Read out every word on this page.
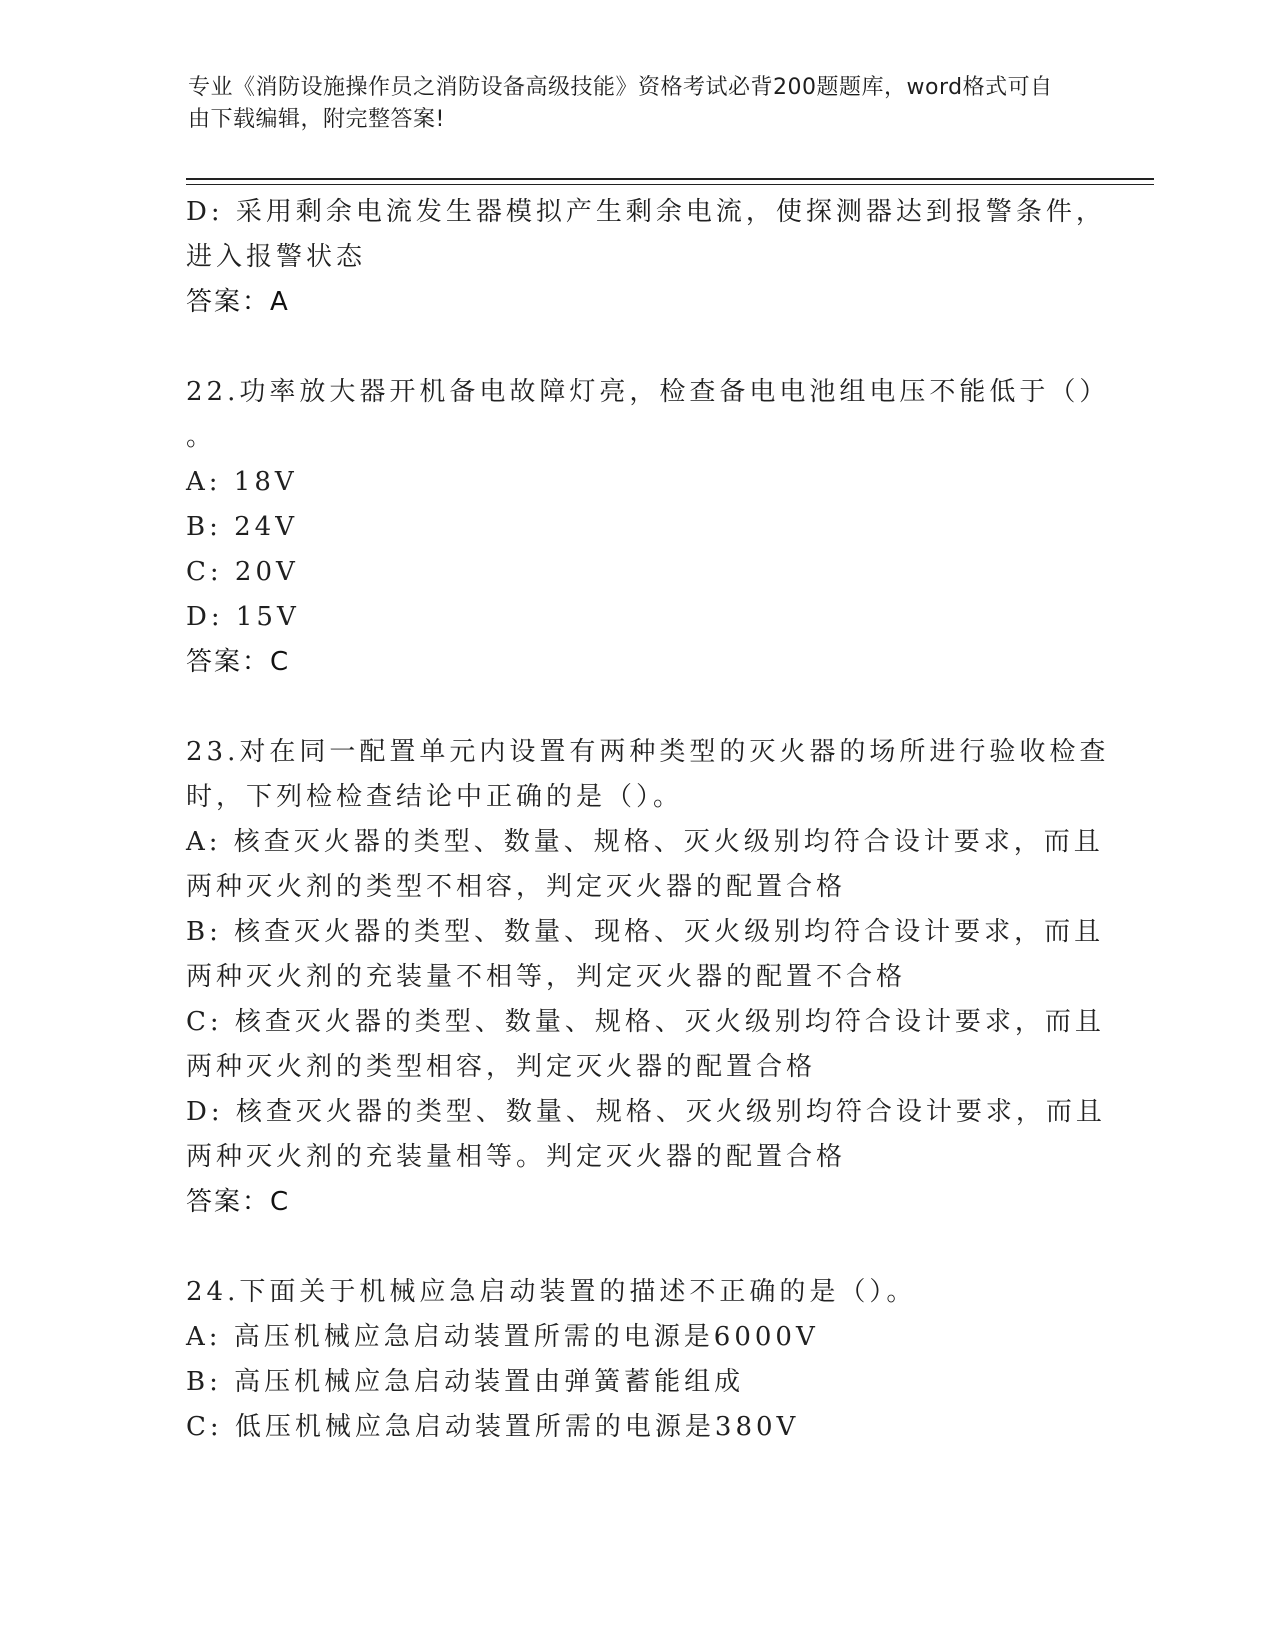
专业《消防设施操作员之消防设备高级技能》资格考试必背200题题库，word格式可自由下载编辑，附完整答案!
D: 采用剩余电流发生器模拟产生剩余电流，使探测器达到报警条件，
进入报警状态
答案：A
22.功率放大器开机备电故障灯亮，检查备电电池组电压不能低于（）
。
A: 18V
B: 24V
C: 20V
D: 15V
答案：C
23.对在同一配置单元内设置有两种类型的灭火器的场所进行验收检查
时，下列检检查结论中正确的是（）。
A: 核查灭火器的类型、数量、规格、灭火级别均符合设计要求，而且
两种灭火剂的类型不相容，判定灭火器的配置合格
B: 核查灭火器的类型、数量、现格、灭火级别均符合设计要求，而且
两种灭火剂的充装量不相等，判定灭火器的配置不合格
C: 核查灭火器的类型、数量、规格、灭火级别均符合设计要求，而且
两种灭火剂的类型相容，判定灭火器的配置合格
D: 核查灭火器的类型、数量、规格、灭火级别均符合设计要求，而且
两种灭火剂的充装量相等。判定灭火器的配置合格
答案：C
24.下面关于机械应急启动装置的描述不正确的是（）。
A: 高压机械应急启动装置所需的电源是6000V
B: 高压机械应急启动装置由弹簧蓄能组成
C: 低压机械应急启动装置所需的电源是380V
